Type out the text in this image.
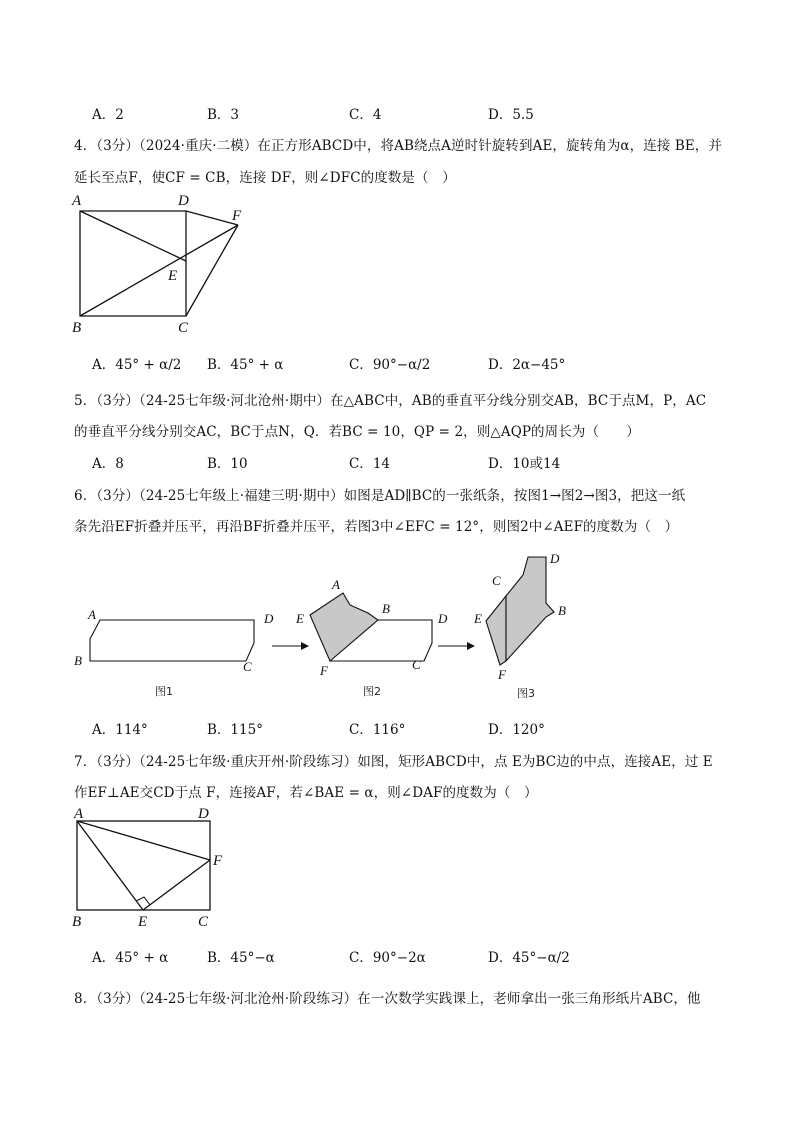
A．2	B．3	C．4	D．5.5
4．（3分）（2024·重庆·二模）在正方形ABCD中，将AB绕点A逆时针旋转到AE，旋转角为α，连接 BE，并
延长至点F，使CF = CB，连接 DF，则∠DFC的度数是（　）
A	D
F
E
B	C
A．45° + α/2 B．45° + α	C．90°−α/2	D．2α−45°
5．（3分）（24-25七年级·河北沧州·期中）在△ABC中，AB的垂直平分线分别交AB，BC于点M，P，AC
的垂直平分线分别交AC，BC于点N，Q．若BC = 10，QP = 2，则△AQP的周长为（　　）
A．8	B．10	C．14	D．10或14
6．（3分）（24-25七年级上·福建三明·期中）如图是AD∥BC的一张纸条，按图1→图2→图3，把这一纸
条先沿EF折叠并压平，再沿BF折叠并压平，若图3中∠EFC = 12°，则图2中∠AEF的度数为（　）
A	D
B	C
图1
A
B
D
E
F	C
图2
D
C
B
E
F
图3
A．114°	B．115°	C．116°	D．120°
7．（3分）（24-25七年级·重庆开州·阶段练习）如图，矩形ABCD中，点 E为BC边的中点，连接AE，过 E
作EF⊥AE交CD于点 F，连接AF，若∠BAE = α，则∠DAF的度数为（　）
A	D
F
B	E	C
A．45° + α	B．45°−α	C．90°−2α	D．45°−α/2
8．（3分）（24-25七年级·河北沧州·阶段练习）在一次数学实践课上，老师拿出一张三角形纸片ABC，他
